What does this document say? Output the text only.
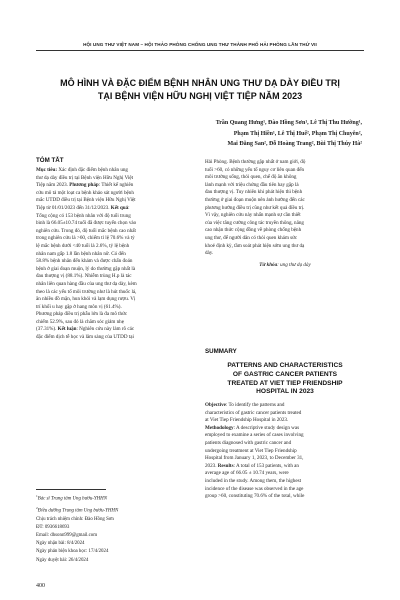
HỘI UNG THƯ VIỆT NAM – HỘI THẢO PHÒNG CHỐNG UNG THƯ THÀNH PHỐ HẢI PHÒNG LẦN THỨ VII
MÔ HÌNH VÀ ĐẶC ĐIỂM BỆNH NHÂN UNG THƯ DẠ DÀY ĐIỀU TRỊ
TẠI BỆNH VIỆN HỮU NGHỊ VIỆT TIỆP NĂM 2023
Trần Quang Hưng¹, Đào Hồng Sơn¹, Lê Thị Thu Hường¹,
Phạm Thị Hiền¹, Lê Thị Huế², Phạm Thị Chuyên²,
Mai Đăng San², Đỗ Hoàng Trang², Bùi Thị Thúy Hà²
TÓM TẮT
Mục tiêu: Xác định đặc điểm bệnh nhân ung
thư dạ dày điều trị tại Bệnh viện Hữu Nghị Việt
Tiệp năm 2023. Phương pháp: Thiết kế nghiên
cứu mô tả một loạt ca bệnh khảo sát người bệnh
mắc UTDD điều trị tại Bệnh viện Hữu Nghị Việt
Tiệp từ 01/01/2023 đến 31/12/2023. Kết quả:
Tổng cộng có 153 bệnh nhân với độ tuổi trung
bình là 66.05±10.74 tuổi đã được tuyển chọn vào
nghiên cứu. Trong đó, độ tuổi mắc bệnh cao nhất
trong nghiên cứu là >60, chiếm tỉ lệ 70.6% và tỷ
lệ mắc bệnh dưới <40 tuổi là 2.6%, tỷ lệ bệnh
nhân nam gấp 1.8 lần bệnh nhân nữ. Có đến
58.8% bệnh nhân đến khám và được chẩn đoán
bệnh ở giai đoạn muộn, lý do thường gặp nhất là
đau thượng vị (88.1%). Nhiễm trùng H.p là tác
nhân liên quan hàng đầu của ung thư dạ dày, kèm
theo là các yếu tố môi trường như là hút thuốc lá,
ăn nhiều đồ mặn, hun khói và lạm dụng rượu. Vị
trí khối u hay gặp ở hang môn vị (61.4%).
Phương pháp điều trị phẫu lớn là đa mô thức
chiếm 52.9%, sau đó là chăm sóc giảm nhẹ
(37.31%). Kết luận: Nghiên cứu này làm rõ các
đặc điểm dịch tễ học và lâm sàng của UTDD tại
Hải Phòng. Bệnh thường gặp nhất ở nam giới, độ
tuổi >60, có những yếu tố nguy cơ liên quan đến
môi trường sống, thói quen, chế độ ăn không
lành mạnh với triệu chứng đầu tiên hay gặp là
đau thượng vị. Tuy nhiên khi phát hiện thì bệnh
thường ở giai đoạn muộn nên ảnh hưởng đến các
phương hướng điều trị cũng như kết quả điều trị.
Vì vậy, nghiên cứu này nhấn mạnh sự cần thiết
của việc tăng cường công tác truyền thông, nâng
cao nhận thức cộng đồng về phòng chống bệnh
ung thư, để người dân có thói quen khám sức
khoẻ định kỳ, tầm soát phát hiện sớm ung thư dạ
dày.
Từ khóa: ung thư dạ dày
SUMMARY
PATTERNS AND CHARACTERISTICS
OF GASTRIC CANCER PATIENTS
TREATED AT VIET TIEP FRIENDSHIP
HOSPITAL IN 2023
Objective: To identify the patterns and
characteristics of gastric cancer patients treated
at Viet Tiep Friendship Hospital in 2023.
Methodology: A descriptive study design was
employed to examine a series of cases involving
patients diagnosed with gastric cancer and
undergoing treatment at Viet Tiep Friendship
Hospital from January 1, 2023, to December 31,
2023. Results: A total of 153 patients, with an
average age of 66.05 ± 10.74 years, were
included in the study. Among them, the highest
incidence of the disease was observed in the age
group >60, constituting 70.6% of the total, while
$^1$Bác sĩ Trung tâm Ung bướu-YHHN
$^2$Điều dưỡng Trung tâm Ung bướu-YHHN
Chịu trách nhiệm chính: Đào Hồng Sơn
ĐT: 0936618693
Email: dhsonn999@gmail.com
Ngày nhận bài: 8/4/2024
Ngày phản biện khoa học: 17/4/2024
Ngày duyệt bài: 26/4/2024
400
